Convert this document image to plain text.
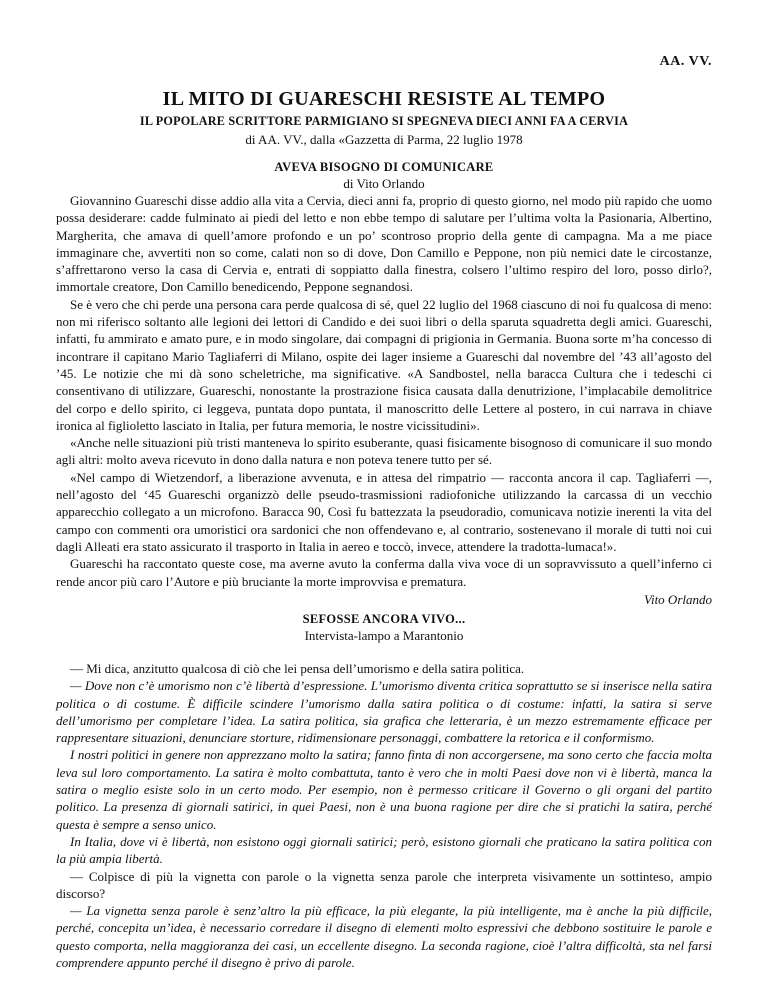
AA. VV.
IL MITO DI GUARESCHI RESISTE AL TEMPO
IL POPOLARE SCRITTORE PARMIGIANO SI SPEGNEVA DIECI ANNI FA A CERVIA
di AA. VV., dalla «Gazzetta di Parma, 22 luglio 1978
AVEVA BISOGNO DI COMUNICARE
di Vito Orlando

Giovannino Guareschi disse addio alla vita a Cervia, dieci anni fa, proprio di questo giorno, nel modo più rapido che uomo possa desiderare: cadde fulminato ai piedi del letto e non ebbe tempo di salutare per l’ultima volta la Pasionaria, Albertino, Margherita, che amava di quell’amore profondo e un po’ scontroso proprio della gente di campagna. Ma a me piace immaginare che, avvertiti non so come, calati non so di dove, Don Camillo e Peppone, non più nemici date le circostanze, s’affrettarono verso la casa di Cervia e, entrati di soppiatto dalla finestra, colsero l’ultimo respiro del loro, posso dirlo?, immortale creatore, Don Camillo benedicendo, Peppone segnandosi.

Se è vero che chi perde una persona cara perde qualcosa di sé, quel 22 luglio del 1968 ciascuno di noi fu qualcosa di meno: non mi riferisco soltanto alle legioni dei lettori di Candido e dei suoi libri o della sparuta squadretta degli amici. Guareschi, infatti, fu ammirato e amato pure, e in modo singolare, dai compagni di prigionia in Germania. Buona sorte m’ha concesso di incontrare il capitano Mario Tagliaferri di Milano, ospite dei lager insieme a Guareschi dal novembre del ’43 all’agosto del ’45. Le notizie che mi dà sono scheletriche, ma significative. «A Sandbostel, nella baracca Cultura che i tedeschi ci consentivano di utilizzare, Guareschi, nonostante la prostrazione fisica causata dalla denutrizione, l’implacabile demolitrice del corpo e dello spirito, ci leggeva, puntata dopo puntata, il manoscritto delle Lettere al postero, in cui narrava in chiave ironica al figlioletto lasciato in Italia, per futura memoria, le nostre vicissitudini».

«Anche nelle situazioni più tristi manteneva lo spirito esuberante, quasi fisicamente bisognoso di comunicare il suo mondo agli altri: molto aveva ricevuto in dono dalla natura e non poteva tenere tutto per sé.

«Nel campo di Wietzendorf, a liberazione avvenuta, e in attesa del rimpatrio — racconta ancora il cap. Tagliaferri —, nell’agosto del ‘45 Guareschi organizzò delle pseudo-trasmissioni radiofoniche utilizzando la carcassa di un vecchio apparecchio collegato a un microfono. Baracca 90, Così fu battezzata la pseudoradio, comunicava notizie inerenti la vita del campo con commenti ora umoristici ora sardonici che non offendevano e, al contrario, sostenevano il morale di tutti noi cui dagli Alleati era stato assicurato il trasporto in Italia in aereo e toccò, invece, attendere la tradotta-lumaca!».

Guareschi ha raccontato queste cose, ma averne avuto la conferma dalla viva voce di un sopravvissuto a quell’inferno ci rende ancor più caro l’Autore e più bruciante la morte improvvisa e prematura.

Vito Orlando
SEFOSSE ANCORA VIVO...
Intervista-lampo a Marantonio

— Mi dica, anzitutto qualcosa di ciò che lei pensa dell’umorismo e della satira politica.

— Dove non c’è umorismo non c’è libertà d’espressione. L’umorismo diventa critica soprattutto se si inserisce nella satira politica o di costume. È difficile scindere l’umorismo dalla satira politica o di costume: infatti, la satira si serve dell’umorismo per completare l’idea. La satira politica, sia grafica che letteraria, è un mezzo estremamente efficace per rappresentare situazioni, denunciare storture, ridimensionare personaggi, combattere la retorica e il conformismo.

I nostri politici in genere non apprezzano molto la satira; fanno finta di non accorgersene, ma sono certo che faccia molta leva sul loro comportamento. La satira è molto combattuta, tanto è vero che in molti Paesi dove non vi è libertà, manca la satira o meglio esiste solo in un certo modo. Per esempio, non è permesso criticare il Governo o gli organi del partito politico. La presenza di giornali satirici, in quei Paesi, non è una buona ragione per dire che si pratichi la satira, perché questa è sempre a senso unico.

In Italia, dove vi è libertà, non esistono oggi giornali satirici; però, esistono giornali che praticano la satira politica con la più ampia libertà.

— Colpisce di più la vignetta con parole o la vignetta senza parole che interpreta visivamente un sottinteso, ampio discorso?

— La vignetta senza parole è senz’altro la più efficace, la più elegante, la più intelligente, ma è anche la più difficile, perché, concepita un’idea, è necessario corredare il disegno di elementi molto espressivi che debbono sostituire le parole e questo comporta, nella maggioranza dei casi, un eccellente disegno. La seconda ragione, cioè l’altra difficoltà, sta nel farsi comprendere appunto perché il disegno è privo di parole.
